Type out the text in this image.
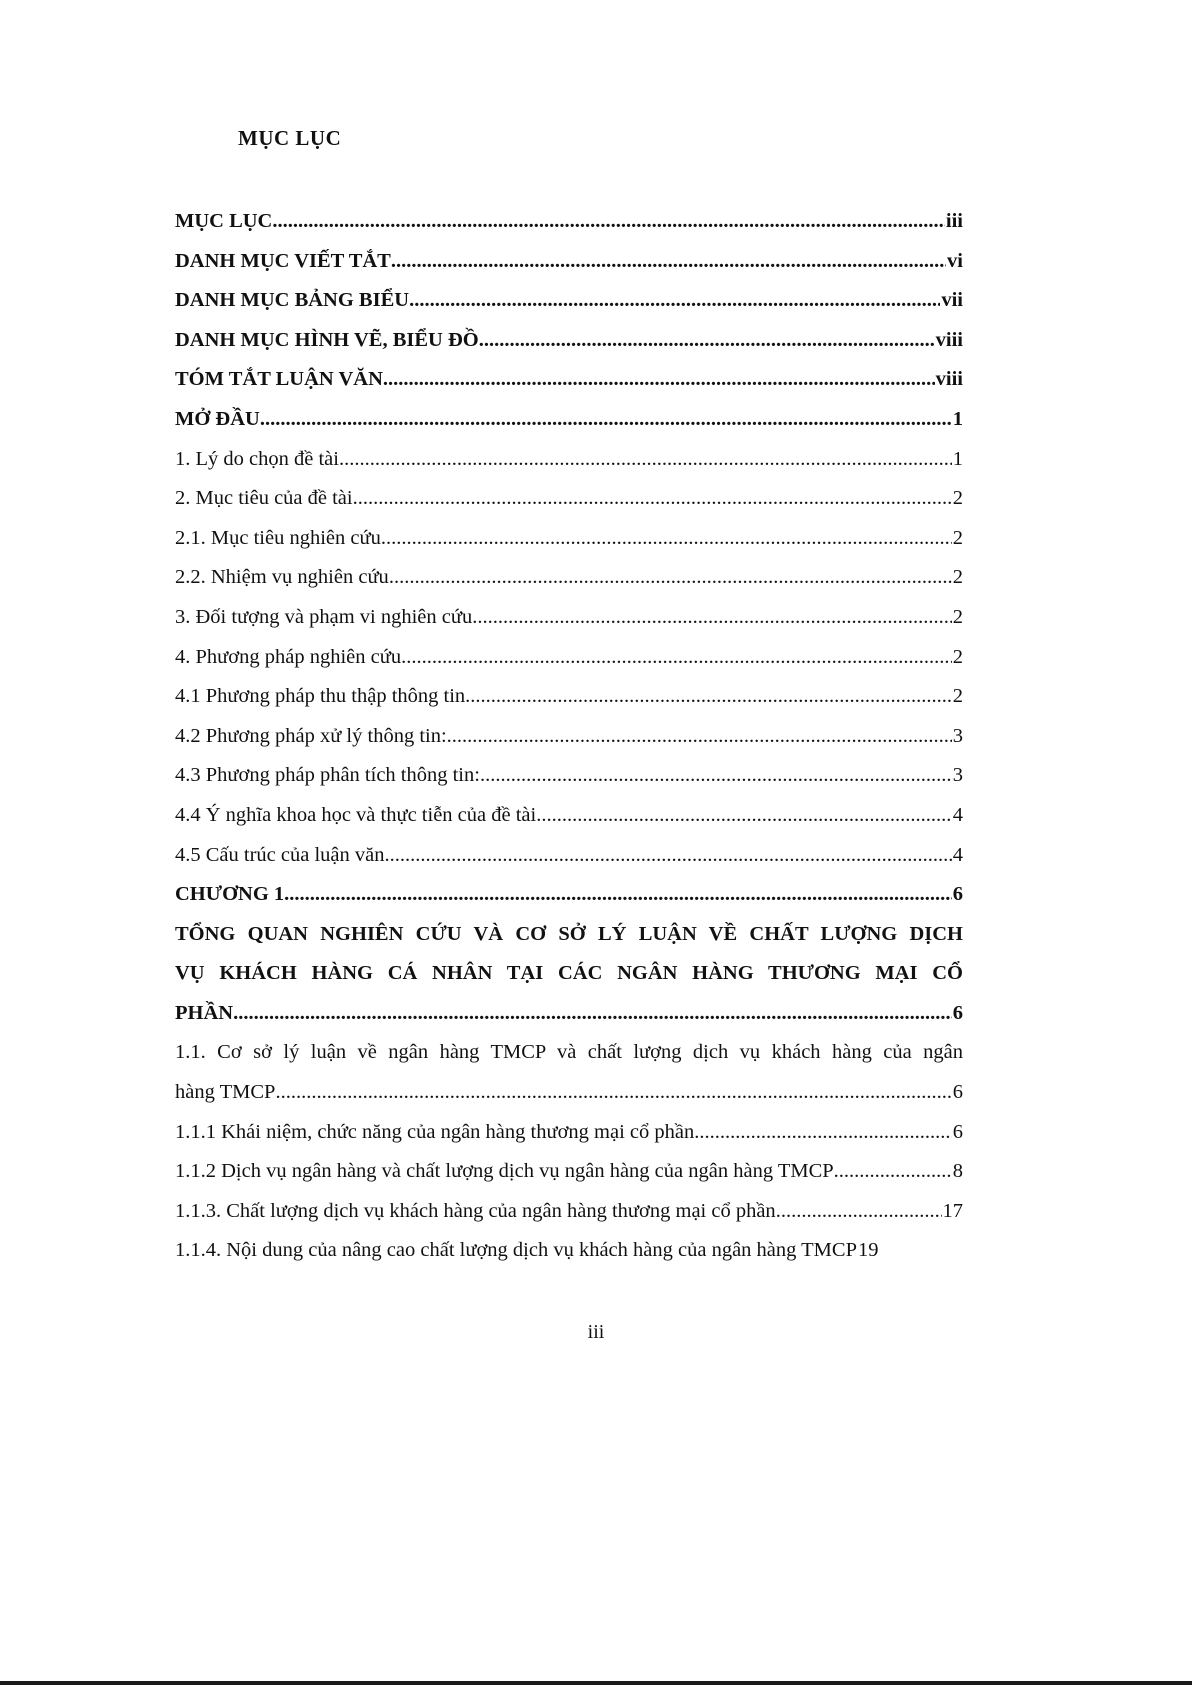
MỤC LỤC
MỤC LỤC .....	iii
DANH MỤC VIẾT TẮT .....	vi
DANH MỤC BẢNG BIỂU .....	vii
DANH MỤC HÌNH VẼ, BIỂU ĐỒ .....	viii
TÓM TẮT LUẬN VĂN .....	viii
MỞ ĐẦU .....	1
1. Lý do chọn đề tài .....	1
2. Mục tiêu của đề tài .....	2
2.1. Mục tiêu nghiên cứu .....	2
2.2. Nhiệm vụ nghiên cứu .....	2
3. Đối tượng và phạm vi nghiên cứu .....	2
4. Phương pháp nghiên cứu .....	2
4.1 Phương pháp thu thập thông tin .....	2
4.2 Phương pháp xử lý thông tin: .....	3
4.3 Phương pháp phân tích thông tin: .....	3
4.4 Ý nghĩa khoa học và thực tiễn của đề tài .....	4
4.5 Cấu trúc của luận văn .....	4
CHƯƠNG 1 .....	6
TỔNG QUAN NGHIÊN CỨU VÀ CƠ SỞ LÝ LUẬN VỀ CHẤT LƯỢNG DỊCH
VỤ KHÁCH HÀNG CÁ NHÂN TẠI CÁC NGÂN HÀNG THƯƠNG MẠI CỔ
PHẦN .....	6
1.1. Cơ sở lý luận về ngân hàng TMCP và chất lượng dịch vụ khách hàng của ngân
hàng TMCP .....	6
1.1.1 Khái niệm, chức năng của ngân hàng thương mại cổ phần .....	6
1.1.2 Dịch vụ ngân hàng và chất lượng dịch vụ ngân hàng của ngân hàng TMCP .....	8
1.1.3. Chất lượng dịch vụ khách hàng của ngân hàng thương mại cổ phần .....	17
1.1.4. Nội dung của nâng cao chất lượng dịch vụ khách hàng của ngân hàng TMCP 19
iii
